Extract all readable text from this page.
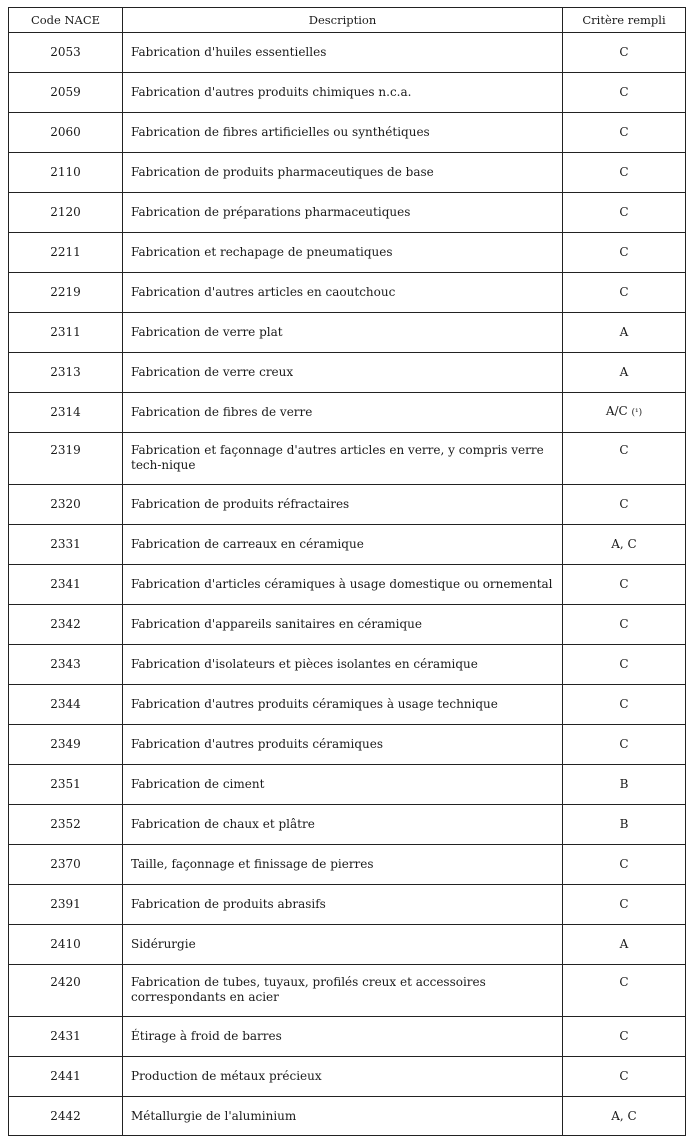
Code NACE	Description	Critère rempli
2053	Fabrication d'huiles essentielles	C
2059	Fabrication d'autres produits chimiques n.c.a.	C
2060	Fabrication de fibres artificielles ou synthétiques	C
2110	Fabrication de produits pharmaceutiques de base	C
2120	Fabrication de préparations pharmaceutiques	C
2211	Fabrication et rechapage de pneumatiques	C
2219	Fabrication d'autres articles en caoutchouc	C
2311	Fabrication de verre plat	A
2313	Fabrication de verre creux	A
2314	Fabrication de fibres de verre	A/C (¹)
2319	Fabrication et façonnage d'autres articles en verre, y compris verre tech-nique	C
2320	Fabrication de produits réfractaires	C
2331	Fabrication de carreaux en céramique	A, C
2341	Fabrication d'articles céramiques à usage domestique ou ornemental	C
2342	Fabrication d'appareils sanitaires en céramique	C
2343	Fabrication d'isolateurs et pièces isolantes en céramique	C
2344	Fabrication d'autres produits céramiques à usage technique	C
2349	Fabrication d'autres produits céramiques	C
2351	Fabrication de ciment	B
2352	Fabrication de chaux et plâtre	B
2370	Taille, façonnage et finissage de pierres	C
2391	Fabrication de produits abrasifs	C
2410	Sidérurgie	A
2420	Fabrication de tubes, tuyaux, profilés creux et accessoires correspondants en acier	C
2431	Étirage à froid de barres	C
2441	Production de métaux précieux	C
2442	Métallurgie de l'aluminium	A, C
